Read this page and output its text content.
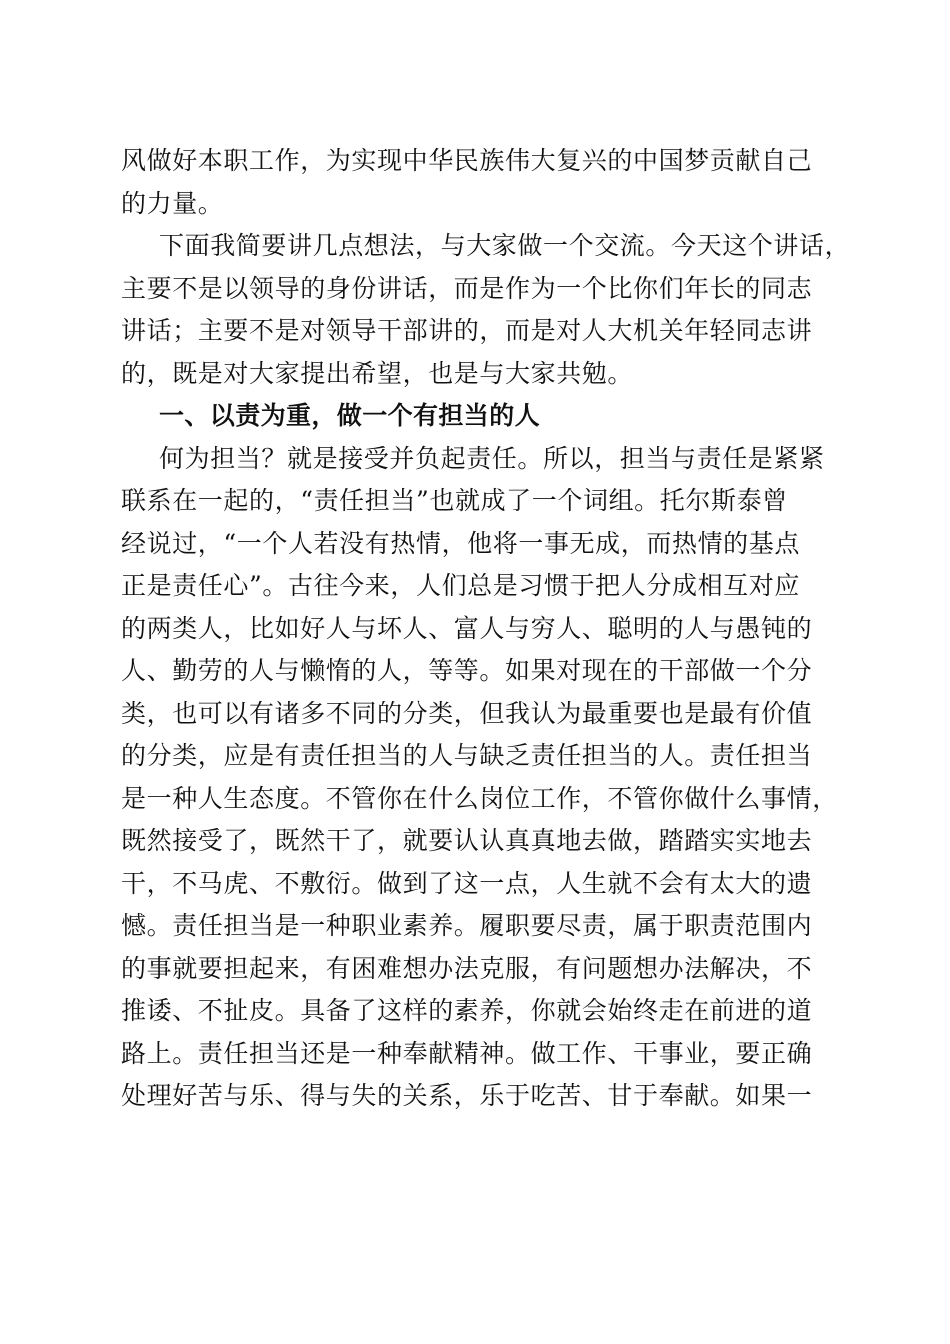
风做好本职工作，为实现中华民族伟大复兴的中国梦贡献自己
的力量。
下面我简要讲几点想法，与大家做一个交流。今天这个讲话，
主要不是以领导的身份讲话，而是作为一个比你们年长的同志
讲话；主要不是对领导干部讲的，而是对人大机关年轻同志讲
的，既是对大家提出希望，也是与大家共勉。
一、以责为重，做一个有担当的人
何为担当？就是接受并负起责任。所以，担当与责任是紧紧
联系在一起的，“责任担当”也就成了一个词组。托尔斯泰曾
经说过，“一个人若没有热情，他将一事无成，而热情的基点
正是责任心”。古往今来，人们总是习惯于把人分成相互对应
的两类人，比如好人与坏人、富人与穷人、聪明的人与愚钝的
人、勤劳的人与懒惰的人，等等。如果对现在的干部做一个分
类，也可以有诸多不同的分类，但我认为最重要也是最有价值
的分类，应是有责任担当的人与缺乏责任担当的人。责任担当
是一种人生态度。不管你在什么岗位工作，不管你做什么事情，
既然接受了，既然干了，就要认认真真地去做，踏踏实实地去
干，不马虎、不敷衍。做到了这一点，人生就不会有太大的遗
憾。责任担当是一种职业素养。履职要尽责，属于职责范围内
的事就要担起来，有困难想办法克服，有问题想办法解决，不
推诿、不扯皮。具备了这样的素养，你就会始终走在前进的道
路上。责任担当还是一种奉献精神。做工作、干事业，要正确
处理好苦与乐、得与失的关系，乐于吃苦、甘于奉献。如果一
